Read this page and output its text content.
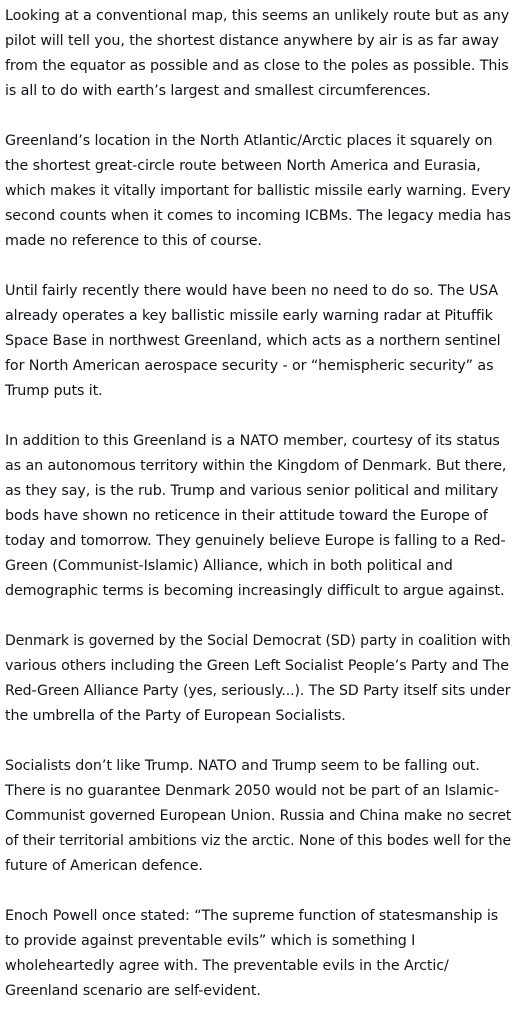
Looking at a conventional map, this seems an unlikely route but as any
pilot will tell you, the shortest distance anywhere by air is as far away
from the equator as possible and as close to the poles as possible. This
is all to do with earth’s largest and smallest circumferences.
Greenland’s location in the North Atlantic/Arctic places it squarely on
the shortest great-circle route between North America and Eurasia,
which makes it vitally important for ballistic missile early warning. Every
second counts when it comes to incoming ICBMs. The legacy media has
made no reference to this of course.
Until fairly recently there would have been no need to do so. The USA
already operates a key ballistic missile early warning radar at Pituffik
Space Base in northwest Greenland, which acts as a northern sentinel
for North American aerospace security - or “hemispheric security” as
Trump puts it.
In addition to this Greenland is a NATO member, courtesy of its status
as an autonomous territory within the Kingdom of Denmark. But there,
as they say, is the rub. Trump and various senior political and military
bods have shown no reticence in their attitude toward the Europe of
today and tomorrow. They genuinely believe Europe is falling to a Red-
Green (Communist-Islamic) Alliance, which in both political and
demographic terms is becoming increasingly difficult to argue against.
Denmark is governed by the Social Democrat (SD) party in coalition with
various others including the Green Left Socialist People’s Party and The
Red-Green Alliance Party (yes, seriously...). The SD Party itself sits under
the umbrella of the Party of European Socialists.
Socialists don’t like Trump. NATO and Trump seem to be falling out.
There is no guarantee Denmark 2050 would not be part of an Islamic-
Communist governed European Union. Russia and China make no secret
of their territorial ambitions viz the arctic. None of this bodes well for the
future of American defence.
Enoch Powell once stated: “The supreme function of statesmanship is
to provide against preventable evils” which is something I
wholeheartedly agree with. The preventable evils in the Arctic/
Greenland scenario are self-evident.
